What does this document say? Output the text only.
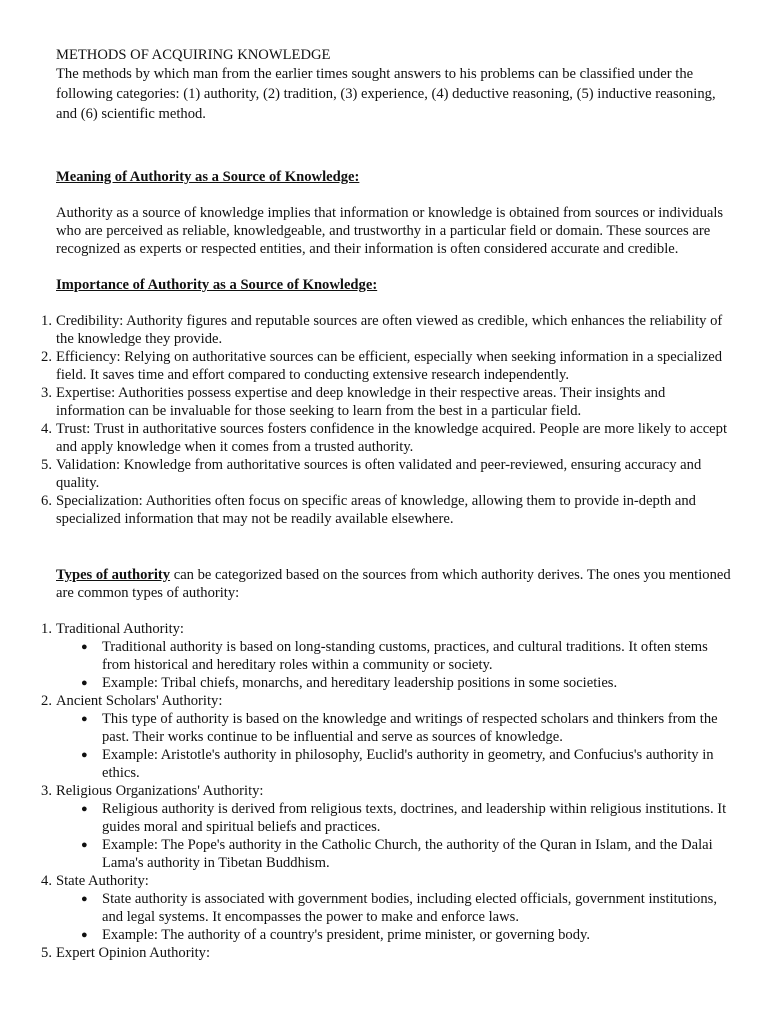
METHODS OF ACQUIRING KNOWLEDGE

The methods by which man from the earlier times sought answers to his problems can be classified under the following categories: (1) authority, (2) tradition, (3) experience, (4) deductive reasoning, (5) inductive reasoning, and (6) scientific method.

Meaning of Authority as a Source of Knowledge:

Authority as a source of knowledge implies that information or knowledge is obtained from sources or individuals who are perceived as reliable, knowledgeable, and trustworthy in a particular field or domain. These sources are recognized as experts or respected entities, and their information is often considered accurate and credible.

Importance of Authority as a Source of Knowledge:

1. Credibility: Authority figures and reputable sources are often viewed as credible, which enhances the reliability of the knowledge they provide.
2. Efficiency: Relying on authoritative sources can be efficient, especially when seeking information in a specialized field. It saves time and effort compared to conducting extensive research independently.
3. Expertise: Authorities possess expertise and deep knowledge in their respective areas. Their insights and information can be invaluable for those seeking to learn from the best in a particular field.
4. Trust: Trust in authoritative sources fosters confidence in the knowledge acquired. People are more likely to accept and apply knowledge when it comes from a trusted authority.
5. Validation: Knowledge from authoritative sources is often validated and peer-reviewed, ensuring accuracy and quality.
6. Specialization: Authorities often focus on specific areas of knowledge, allowing them to provide in-depth and specialized information that may not be readily available elsewhere.

Types of authority can be categorized based on the sources from which authority derives. The ones you mentioned are common types of authority:

1. Traditional Authority:
● Traditional authority is based on long-standing customs, practices, and cultural traditions. It often stems from historical and hereditary roles within a community or society.
● Example: Tribal chiefs, monarchs, and hereditary leadership positions in some societies.
2. Ancient Scholars' Authority:
● This type of authority is based on the knowledge and writings of respected scholars and thinkers from the past. Their works continue to be influential and serve as sources of knowledge.
● Example: Aristotle's authority in philosophy, Euclid's authority in geometry, and Confucius's authority in ethics.
3. Religious Organizations' Authority:
● Religious authority is derived from religious texts, doctrines, and leadership within religious institutions. It guides moral and spiritual beliefs and practices.
● Example: The Pope's authority in the Catholic Church, the authority of the Quran in Islam, and the Dalai Lama's authority in Tibetan Buddhism.
4. State Authority:
● State authority is associated with government bodies, including elected officials, government institutions, and legal systems. It encompasses the power to make and enforce laws.
● Example: The authority of a country's president, prime minister, or governing body.
5. Expert Opinion Authority:
